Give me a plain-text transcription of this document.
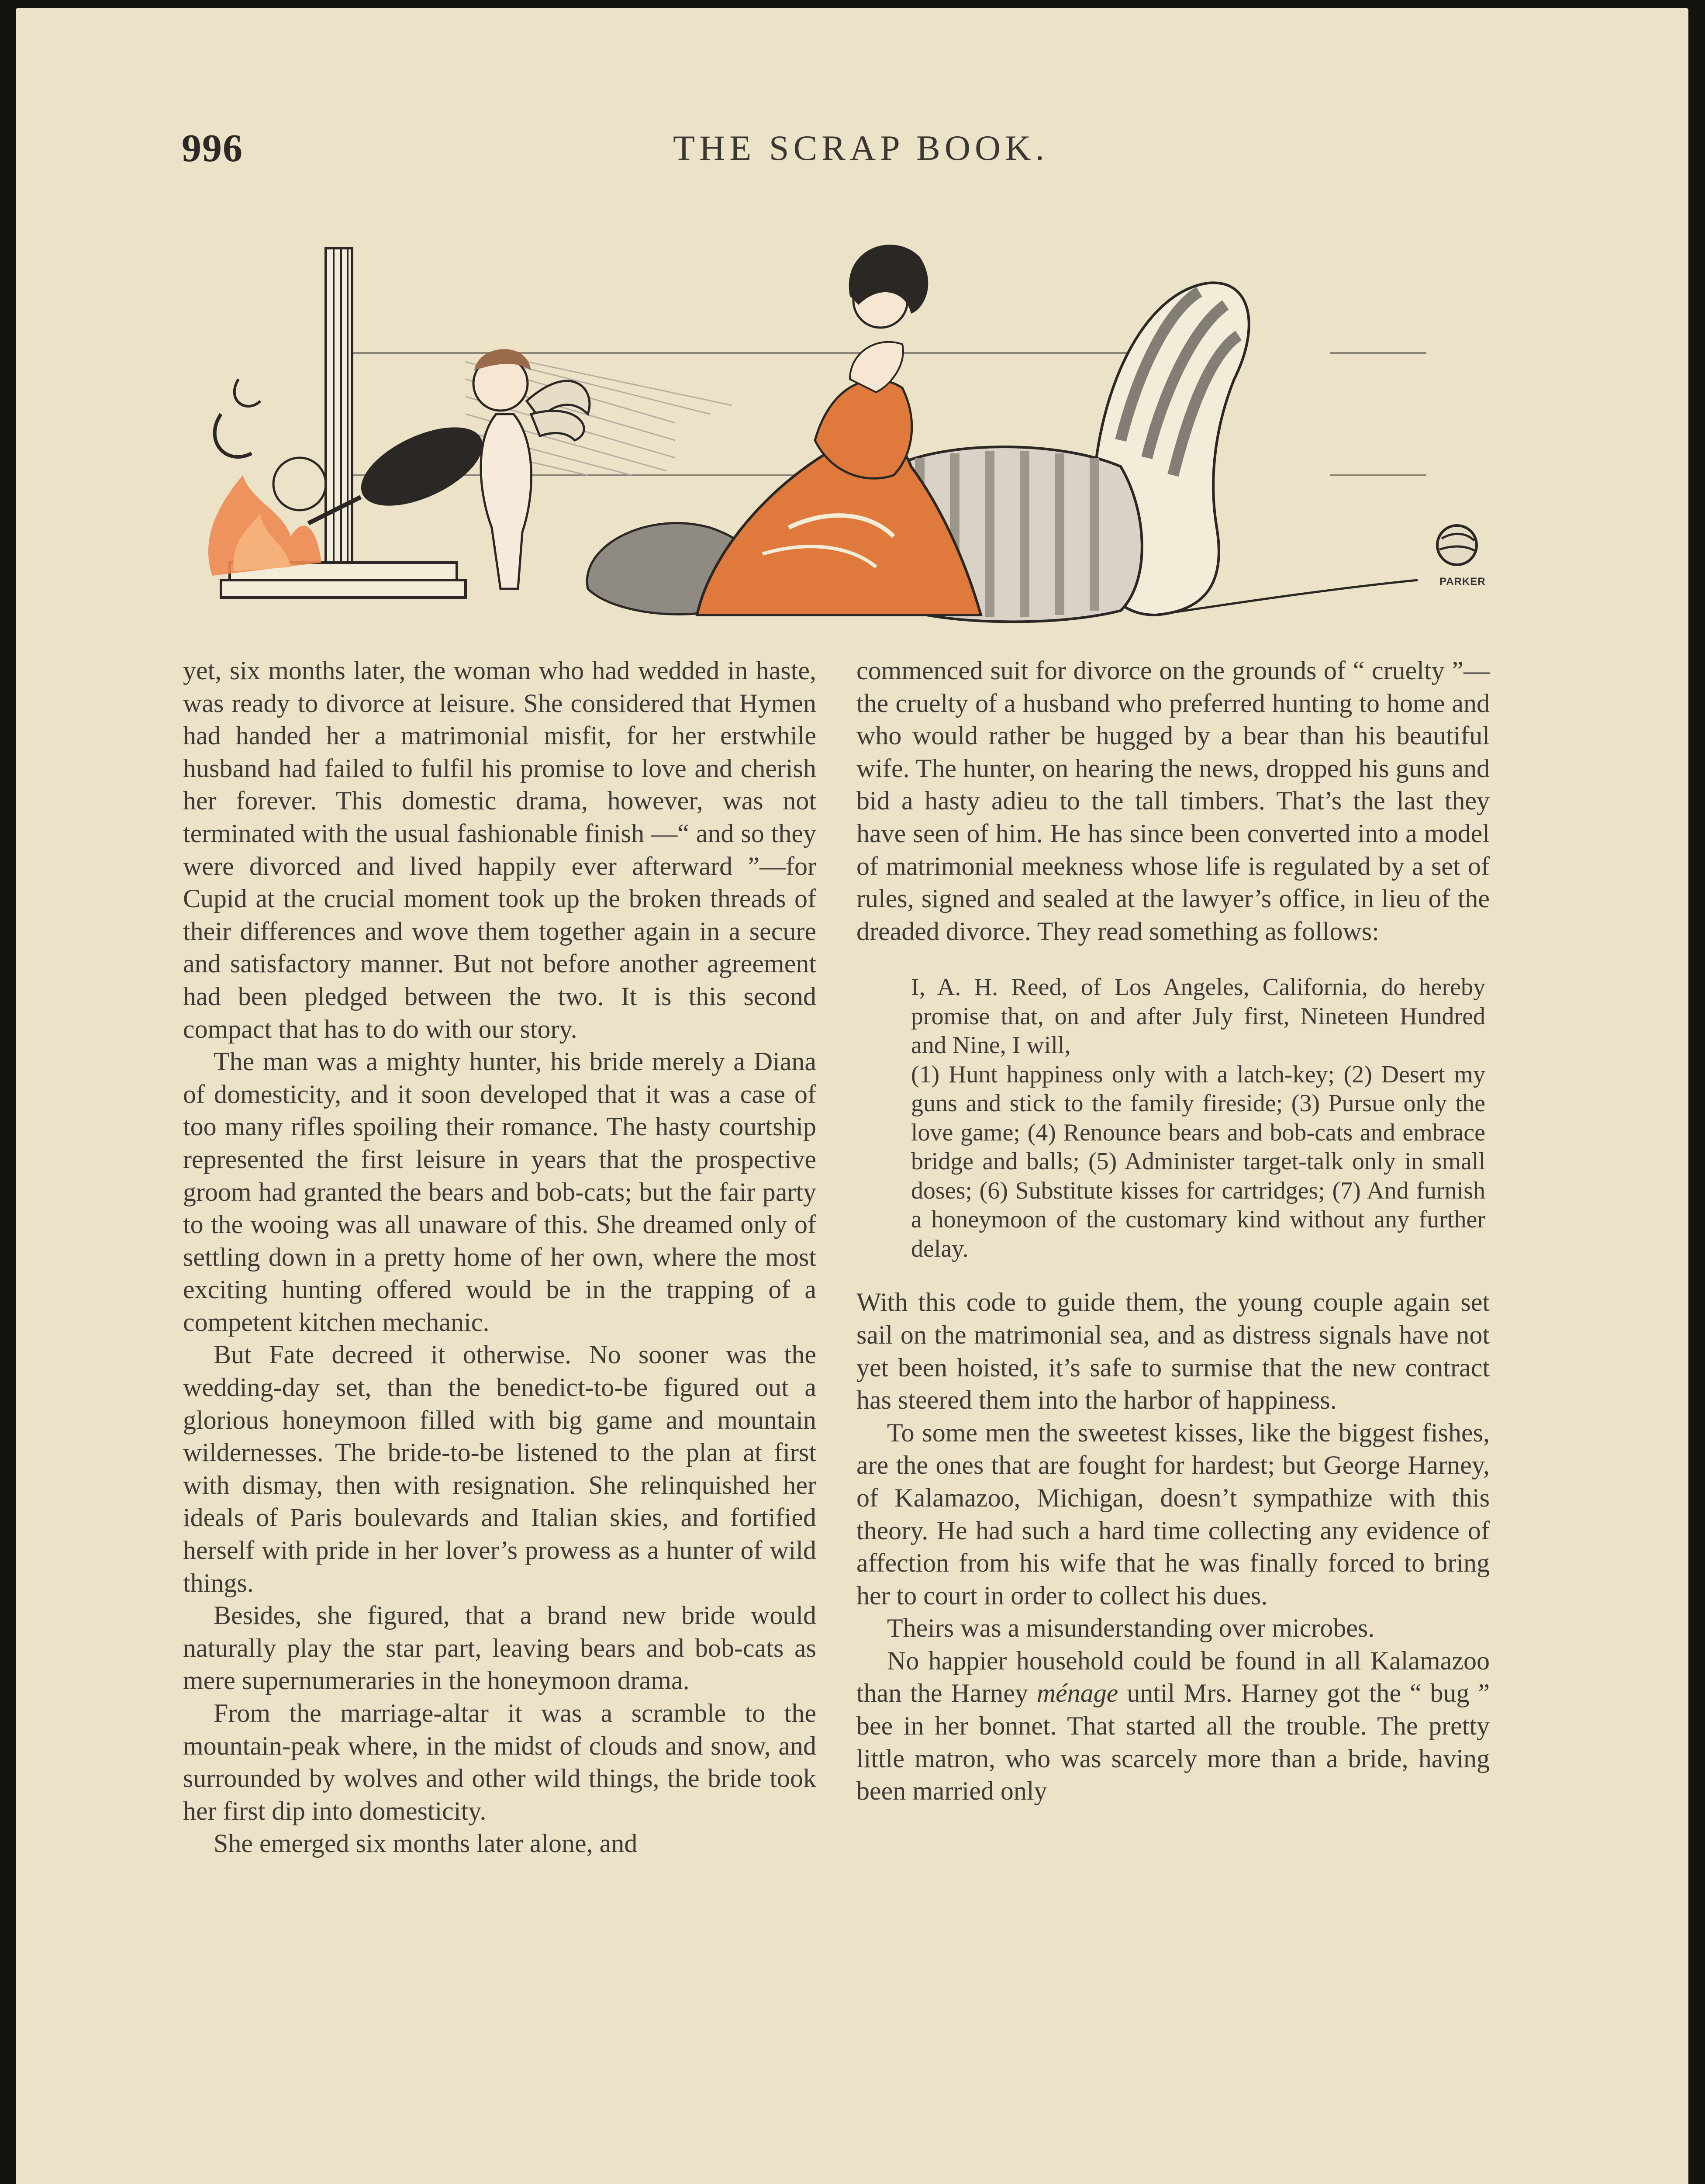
996	THE SCRAP BOOK.
PARKER

yet, six months later, the woman who had wedded in haste, was ready to divorce at leisure. She considered that Hymen had handed her a matrimonial misfit, for her erstwhile husband had failed to fulfil his promise to love and cherish her forever. This domestic drama, however, was not terminated with the usual fashionable finish —“ and so they were divorced and lived happily ever afterward ”—for Cupid at the crucial moment took up the broken threads of their differences and wove them together again in a secure and satisfactory manner. But not before another agreement had been pledged between the two. It is this second compact that has to do with our story.

The man was a mighty hunter, his bride merely a Diana of domesticity, and it soon developed that it was a case of too many rifles spoiling their romance. The hasty courtship represented the first leisure in years that the prospective groom had granted the bears and bob-cats; but the fair party to the wooing was all unaware of this. She dreamed only of settling down in a pretty home of her own, where the most exciting hunting offered would be in the trapping of a competent kitchen mechanic.

But Fate decreed it otherwise. No sooner was the wedding-day set, than the benedict-to-be figured out a glorious honeymoon filled with big game and mountain wildernesses. The bride-to-be listened to the plan at first with dismay, then with resignation. She relinquished her ideals of Paris boulevards and Italian skies, and fortified herself with pride in her lover’s prowess as a hunter of wild things.

Besides, she figured, that a brand new bride would naturally play the star part, leaving bears and bob-cats as mere supernumeraries in the honeymoon drama.

From the marriage-altar it was a scramble to the mountain-peak where, in the midst of clouds and snow, and surrounded by wolves and other wild things, the bride took her first dip into domesticity.

She emerged six months later alone, and

commenced suit for divorce on the grounds of “ cruelty ”—the cruelty of a husband who preferred hunting to home and who would rather be hugged by a bear than his beautiful wife. The hunter, on hearing the news, dropped his guns and bid a hasty adieu to the tall timbers. That’s the last they have seen of him. He has since been converted into a model of matrimonial meekness whose life is regulated by a set of rules, signed and sealed at the lawyer’s office, in lieu of the dreaded divorce. They read something as follows:

I, A. H. Reed, of Los Angeles, California, do hereby promise that, on and after July first, Nineteen Hundred and Nine, I will,

(1) Hunt happiness only with a latch-key; (2) Desert my guns and stick to the family fireside; (3) Pursue only the love game; (4) Renounce bears and bob-cats and embrace bridge and balls; (5) Administer target-talk only in small doses; (6) Substitute kisses for cartridges; (7) And furnish a honeymoon of the customary kind without any further delay.

With this code to guide them, the young couple again set sail on the matrimonial sea, and as distress signals have not yet been hoisted, it’s safe to surmise that the new contract has steered them into the harbor of happiness.

To some men the sweetest kisses, like the biggest fishes, are the ones that are fought for hardest; but George Harney, of Kalamazoo, Michigan, doesn’t sympathize with this theory. He had such a hard time collecting any evidence of affection from his wife that he was finally forced to bring her to court in order to collect his dues.

Theirs was a misunderstanding over microbes.

No happier household could be found in all Kalamazoo than the Harney ménage until Mrs. Harney got the “ bug ” bee in her bonnet. That started all the trouble. The pretty little matron, who was scarcely more than a bride, having been married only
